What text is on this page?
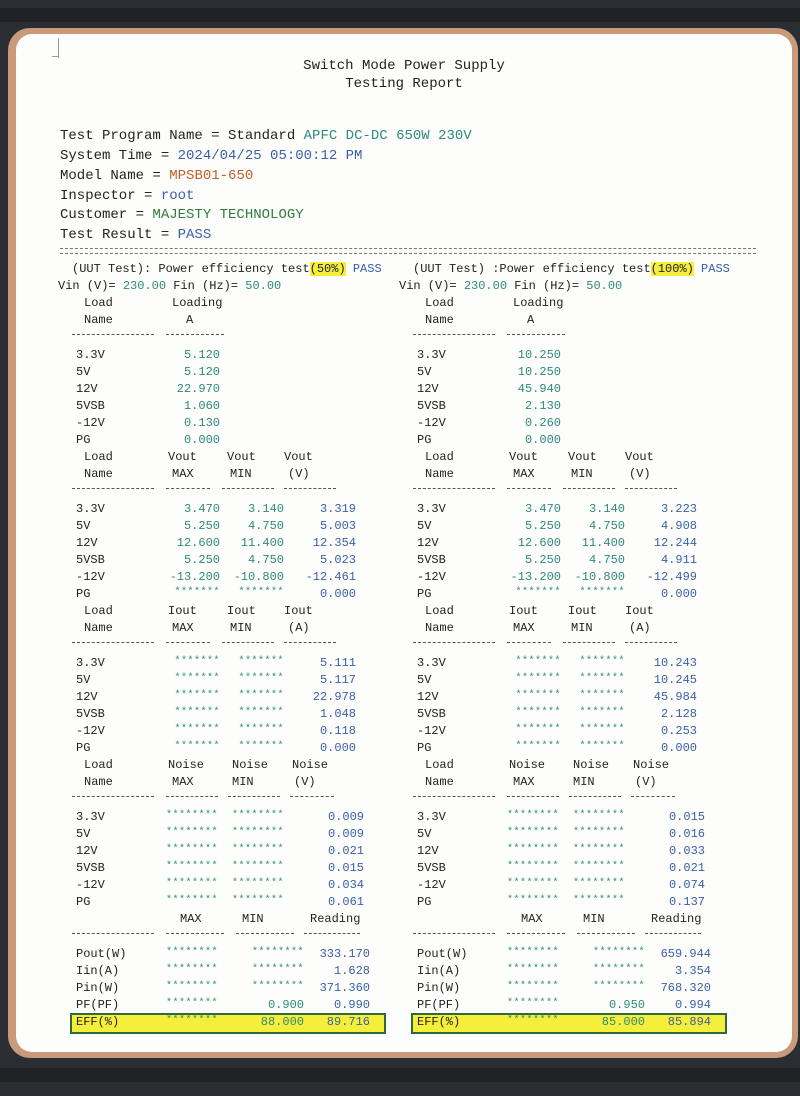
Switch Mode Power Supply
Testing Report
Test Program Name = Standard APFC DC-DC 650W 230V
System Time = 2024/04/25 05:00:12 PM
Model Name = MPSB01-650
Inspector = root
Customer = MAJESTY TECHNOLOGY
Test Result = PASS
(UUT Test): Power efficiency test(50%) PASS
Vin (V)= 230.00 Fin (Hz)= 50.00
Load	Loading
Name	A
3.3V	5.120
5V	5.120
12V	22.970
5VSB	1.060
-12V	0.130
PG	0.000
Load	Vout	Vout Vout
Name	MAX	MIN	(V)
3.3V	3.470	3.140	3.319
5V	5.250	4.750	5.003
12V	12.600	11.400	12.354
5VSB	5.250	4.750	5.023
-12V	-13.200	-10.800	-12.461
PG	*******	*******	0.000
Load	Iout	Iout Iout
Name	MAX	MIN	(A)
3.3V	*******	*******	5.111
5V	*******	*******	5.117
12V	*******	*******	22.978
5VSB	*******	*******	1.048
-12V	*******	*******	0.118
PG	*******	*******	0.000
Load	Noise Noise Noise
Name	MAX	MIN	(V)
3.3V	******** ********	0.009
5V	******** ********	0.009
12V	******** ********	0.021
5VSB	******** ********	0.015
-12V	******** ********	0.034
PG	******** ********	0.061
MAX	MIN	Reading
Pout(W)	********	********	333.170
Iin(A)	********	********	1.628
Pin(W)	********	********	371.360
PF(PF)	********	0.900	0.990
EFF(%)	********	88.000	89.716
(UUT Test) :Power efficiency test(100%) PASS
Vin (V)= 230.00 Fin (Hz)= 50.00
Load	Loading
Name	A
3.3V	10.250
5V	10.250
12V	45.940
5VSB	2.130
-12V	0.260
PG	0.000
Load	Vout	Vout Vout
Name	MAX	MIN	(V)
3.3V	3.470	3.140	3.223
5V	5.250	4.750	4.908
12V	12.600	11.400	12.244
5VSB	5.250	4.750	4.911
-12V	-13.200	-10.800	-12.499
PG	*******	*******	0.000
Load	Iout	Iout Iout
Name	MAX	MIN	(A)
3.3V	*******	*******	10.243
5V	*******	*******	10.245
12V	*******	*******	45.984
5VSB	*******	*******	2.128
-12V	*******	*******	0.253
PG	*******	*******	0.000
Load	Noise Noise Noise
Name	MAX	MIN	(V)
3.3V	******** ********	0.015
5V	******** ********	0.016
12V	******** ********	0.033
5VSB	******** ********	0.021
-12V	******** ********	0.074
PG	******** ********	0.137
MAX	MIN	Reading
Pout(W)	********	********	659.944
Iin(A)	********	********	3.354
Pin(W)	********	********	768.320
PF(PF)	********	0.950	0.994
EFF(%)	********	85.000	85.894
